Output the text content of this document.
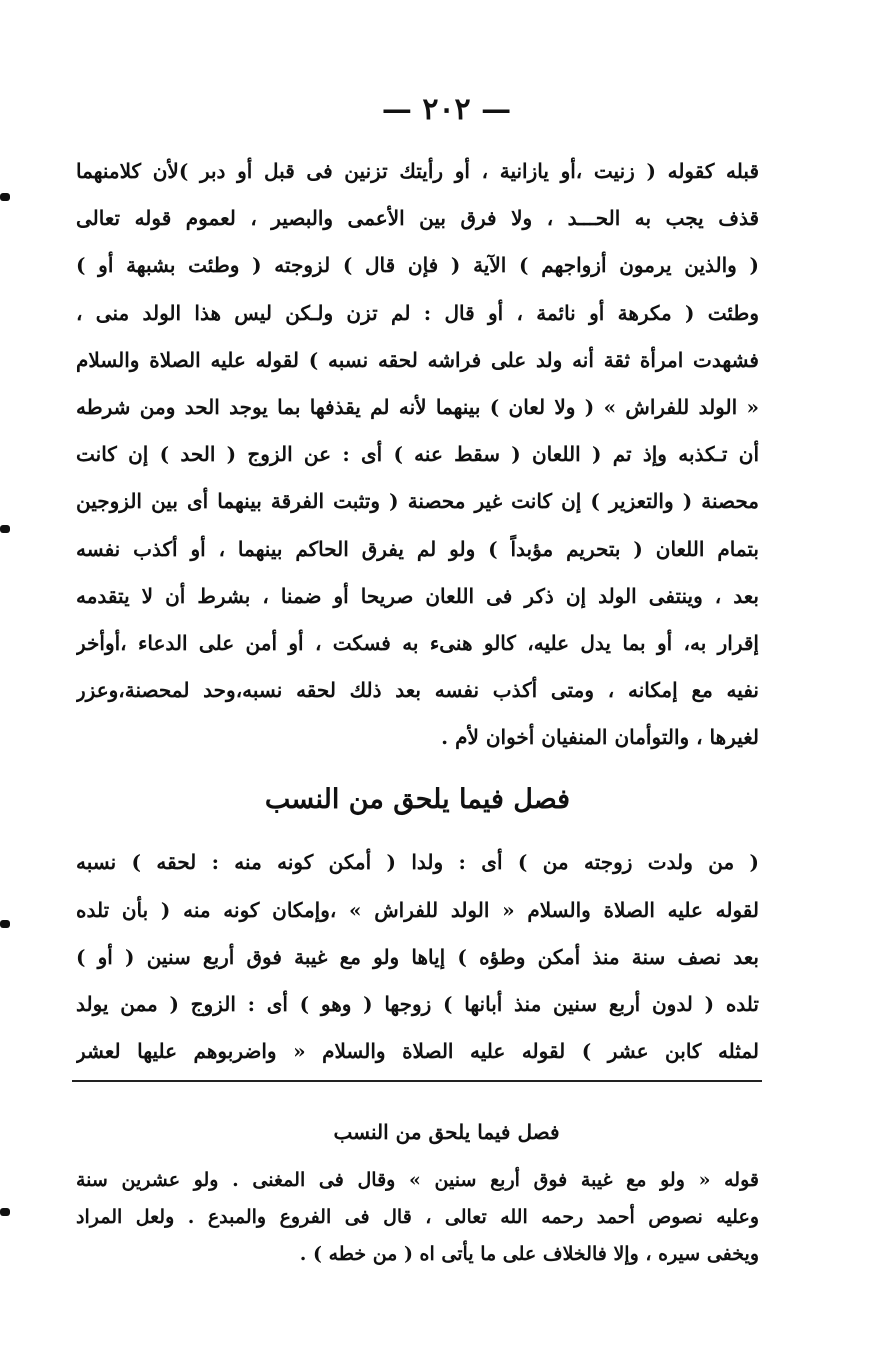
— ٢٠٢ —
قبله كقوله ( زنيت ،أو يازانية ، أو رأيتك تزنين فى قبل أو دبر )لأن كلامنهما
قذف يجب به الحـــد ، ولا فرق بين الأعمى والبصير ، لعموم قوله تعالى
( والذين يرمون أزواجهم ) الآية ( فإن قال ) لزوجته ( وطئت بشبهة أو )
وطئت ( مكرهة أو نائمة ، أو قال : لم تزن ولـكن ليس هذا الولد منى ،
فشهدت امرأة ثقة أنه ولد على فراشه لحقه نسبه ) لقوله عليه الصلاة والسلام
« الولد للفراش » ( ولا لعان ) بينهما لأنه لم يقذفها بما يوجد الحد ومن شرطه
أن تـكذبه وإذ تم ( اللعان ( سقط عنه ) أى : عن الزوج ( الحد ) إن كانت
محصنة ( والتعزير ) إن كانت غير محصنة ( وتثبت الفرقة بينهما أى بين الزوجين
بتمام اللعان ( بتحريم مؤبداً ) ولو لم يفرق الحاكم بينهما ، أو أكذب نفسه
بعد ، وينتفى الولد إن ذكر فى اللعان صريحا أو ضمنا ، بشرط أن لا يتقدمه
إقرار به، أو بما يدل عليه، كالو هنىء به فسكت ، أو أمن على الدعاء ،أوأخر
نفيه مع إمكانه ، ومتى أكذب نفسه بعد ذلك لحقه نسبه،وحد لمحصنة،وعزر
لغيرها ، والتوأمان المنفيان أخوان لأم .
فصل فيما يلحق من النسب
( من ولدت زوجته من ) أى : ولدا ( أمكن كونه منه : لحقه ) نسبه
لقوله عليه الصلاة والسلام « الولد للفراش » ،وإمكان كونه منه ( بأن تلده
بعد نصف سنة منذ أمكن وطؤه ) إياها ولو مع غيبة فوق أربع سنين ( أو )
تلده ( لدون أربع سنين منذ أبانها ) زوجها ( وهو ) أى : الزوج ( ممن يولد
لمثله كابن عشر ) لقوله عليه الصلاة والسلام « واضربوهم عليها لعشر
فصل فيما يلحق من النسب
قوله « ولو مع غيبة فوق أربع سنين » وقال فى المغنى . ولو عشرين سنة
وعليه نصوص أحمد رحمه الله تعالى ، قال فى الفروع والمبدع . ولعل المراد
ويخفى سيره ، وإلا فالخلاف على ما يأتى اه ( من خطه ) .
